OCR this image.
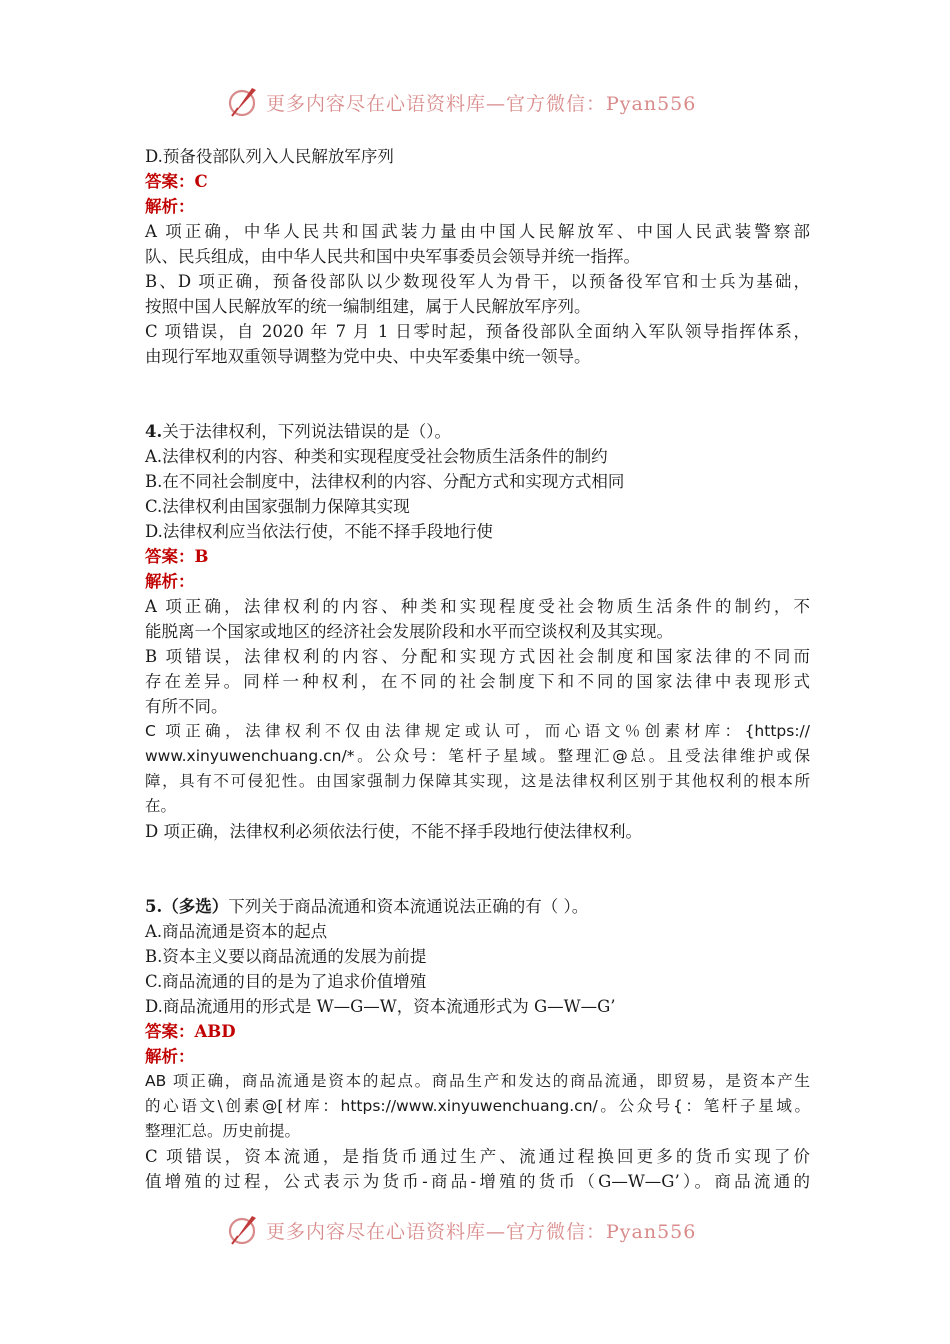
更多内容尽在心语资料库—官方微信：Pyan556
D.预备役部队列入人民解放军序列
答案：C
解析：
A 项正确，中华人民共和国武装力量由中国人民解放军、中国人民武装警察部
队、民兵组成，由中华人民共和国中央军事委员会领导并统一指挥。
B、D 项正确，预备役部队以少数现役军人为骨干，以预备役军官和士兵为基础，
按照中国人民解放军的统一编制组建，属于人民解放军序列。
C 项错误，自 2020 年 7 月 1 日零时起，预备役部队全面纳入军队领导指挥体系，
由现行军地双重领导调整为党中央、中央军委集中统一领导。
4.关于法律权利，下列说法错误的是（）。
A.法律权利的内容、种类和实现程度受社会物质生活条件的制约
B.在不同社会制度中，法律权利的内容、分配方式和实现方式相同
C.法律权利由国家强制力保障其实现
D.法律权利应当依法行使，不能不择手段地行使
答案：B
解析：
A 项正确，法律权利的内容、种类和实现程度受社会物质生活条件的制约，不
能脱离一个国家或地区的经济社会发展阶段和水平而空谈权利及其实现。
B 项错误，法律权利的内容、分配和实现方式因社会制度和国家法律的不同而
存在差异。同样一种权利，在不同的社会制度下和不同的国家法律中表现形式
有所不同。
C 项正确，法律权利不仅由法律规定或认可，而心语文％创素材库：{https://
www.xinyuwenchuang.cn/*。公众号：笔杆子星域。整理汇@总。且受法律维护或保
障，具有不可侵犯性。由国家强制力保障其实现，这是法律权利区别于其他权利的根本所
在。
D 项正确，法律权利必须依法行使，不能不择手段地行使法律权利。
5.（多选）下列关于商品流通和资本流通说法正确的有（ ）。
A.商品流通是资本的起点
B.资本主义要以商品流通的发展为前提
C.商品流通的目的是为了追求价值增殖
D.商品流通用的形式是 W—G—W，资本流通形式为 G—W—G’
答案：ABD
解析：
AB 项正确，商品流通是资本的起点。商品生产和发达的商品流通，即贸易，是资本产生
的心语文\创素@[材库：https://www.xinyuwenchuang.cn/。公众号{：笔杆子星域。
整理汇总。历史前提。
C 项错误，资本流通，是指货币通过生产、流通过程换回更多的货币实现了价
值增殖的过程，公式表示为货币-商品-增殖的货币（G—W—G’）。商品流通的
更多内容尽在心语资料库—官方微信：Pyan556
